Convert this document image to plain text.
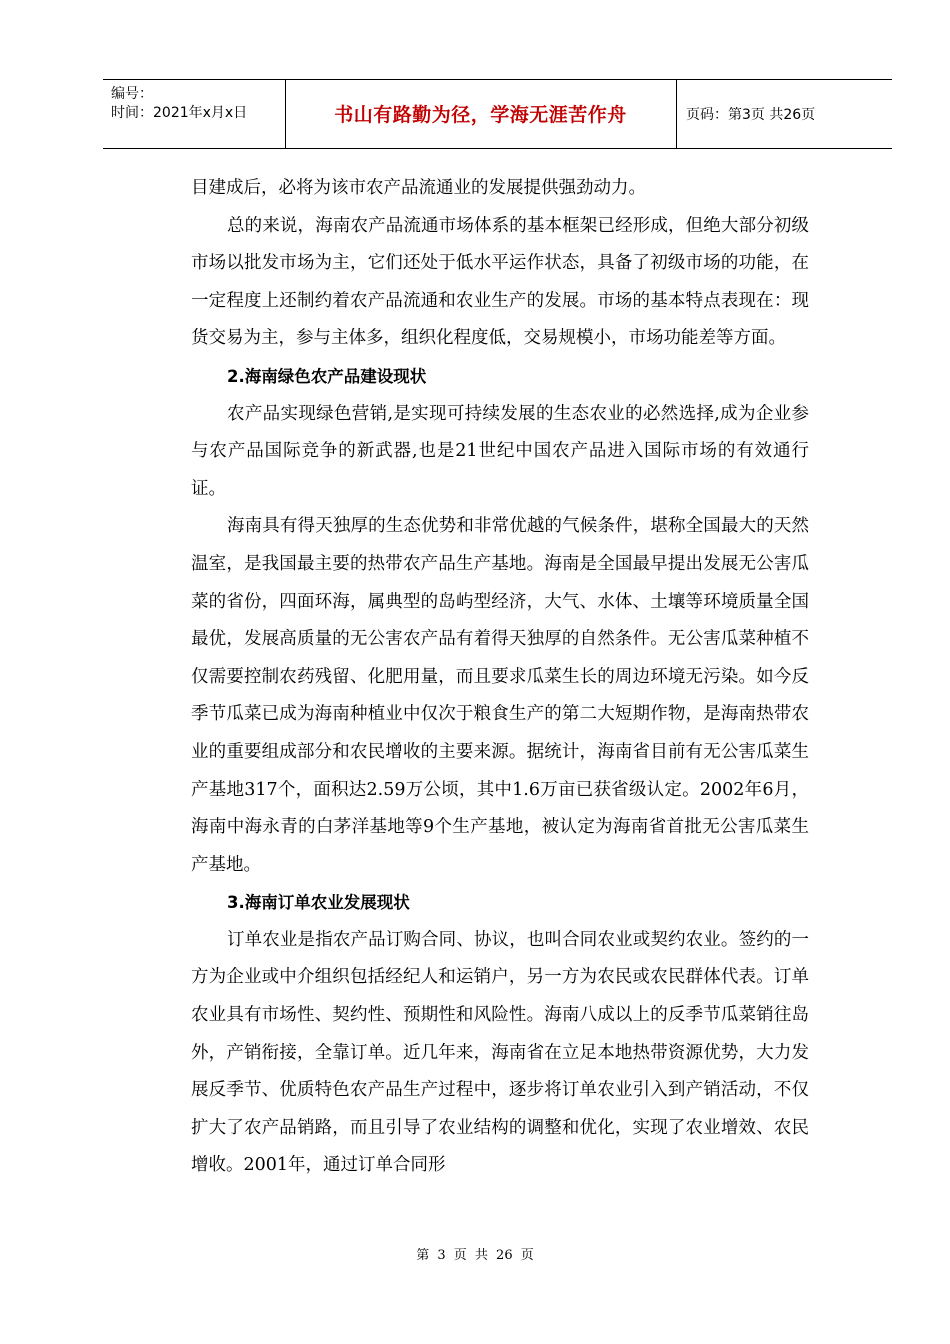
编号：
时间：2021年x月x日	书山有路勤为径，学海无涯苦作舟	页码：第3页 共26页

目建成后，必将为该市农产品流通业的发展提供强劲动力。

总的来说，海南农产品流通市场体系的基本框架已经形成，但绝大部分初级市场以批发市场为主，它们还处于低水平运作状态，具备了初级市场的功能，在一定程度上还制约着农产品流通和农业生产的发展。市场的基本特点表现在：现货交易为主，参与主体多，组织化程度低，交易规模小，市场功能差等方面。

2.海南绿色农产品建设现状

农产品实现绿色营销,是实现可持续发展的生态农业的必然选择,成为企业参与农产品国际竞争的新武器,也是21世纪中国农产品进入国际市场的有效通行证。

海南具有得天独厚的生态优势和非常优越的气候条件，堪称全国最大的天然温室，是我国最主要的热带农产品生产基地。海南是全国最早提出发展无公害瓜菜的省份，四面环海，属典型的岛屿型经济，大气、水体、土壤等环境质量全国最优，发展高质量的无公害农产品有着得天独厚的自然条件。无公害瓜菜种植不仅需要控制农药残留、化肥用量，而且要求瓜菜生长的周边环境无污染。如今反季节瓜菜已成为海南种植业中仅次于粮食生产的第二大短期作物，是海南热带农业的重要组成部分和农民增收的主要来源。据统计，海南省目前有无公害瓜菜生产基地317个，面积达2.59万公顷，其中1.6万亩已获省级认定。2002年6月，海南中海永青的白茅洋基地等9个生产基地，被认定为海南省首批无公害瓜菜生产基地。

3.海南订单农业发展现状

订单农业是指农产品订购合同、协议，也叫合同农业或契约农业。签约的一方为企业或中介组织包括经纪人和运销户，另一方为农民或农民群体代表。订单农业具有市场性、契约性、预期性和风险性。海南八成以上的反季节瓜菜销往岛外，产销衔接，全靠订单。近几年来，海南省在立足本地热带资源优势，大力发展反季节、优质特色农产品生产过程中，逐步将订单农业引入到产销活动，不仅扩大了农产品销路，而且引导了农业结构的调整和优化，实现了农业增效、农民增收。2001年，通过订单合同形

第 3 页 共 26 页
